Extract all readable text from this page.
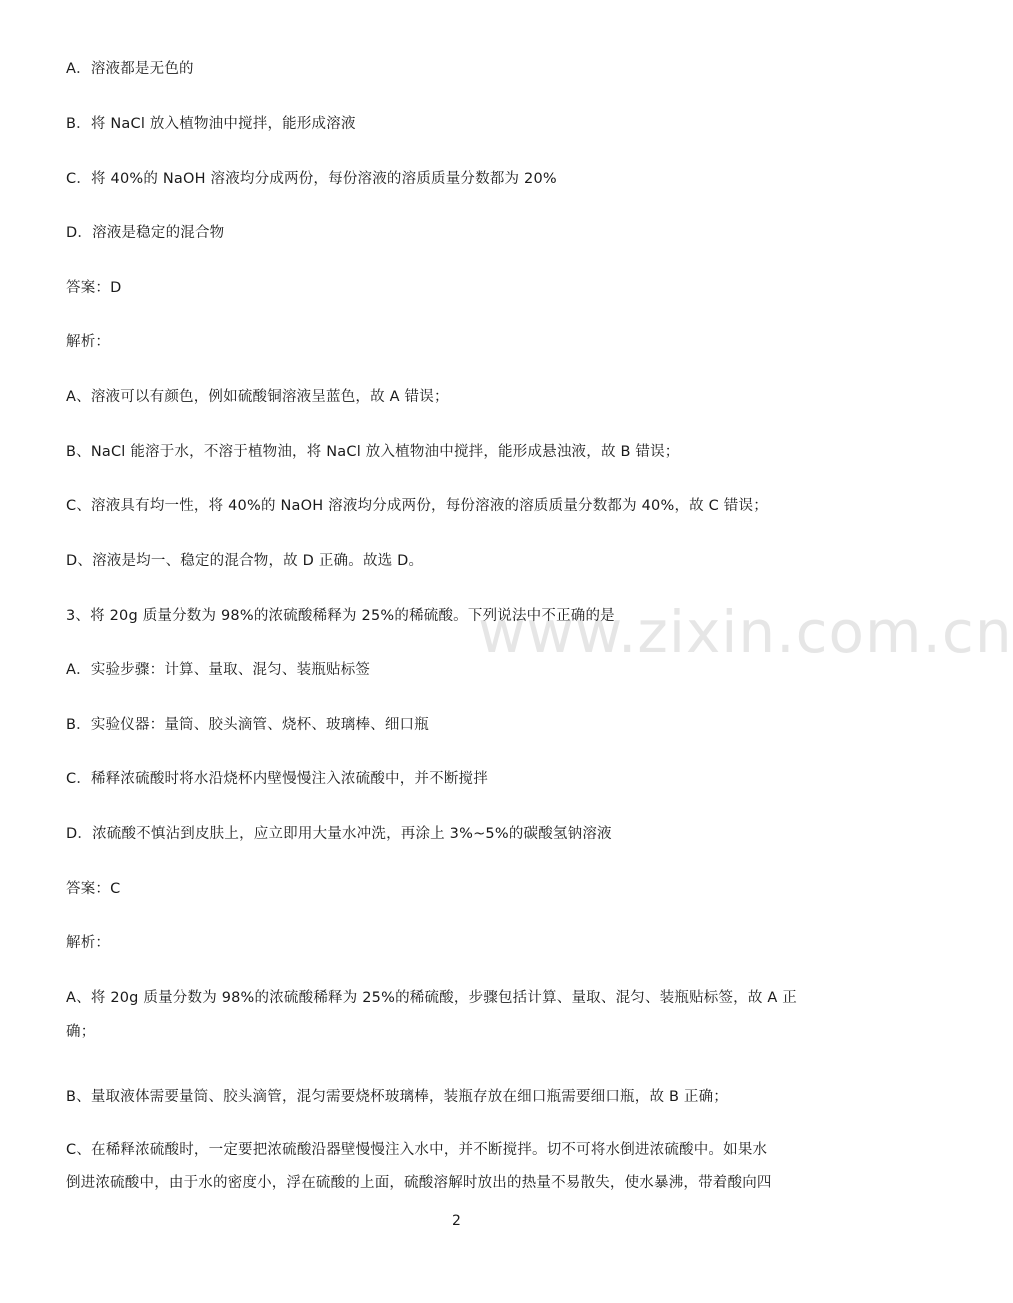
www.zixin.com.cn
A．溶液都是无色的
B．将 NaCl 放入植物油中搅拌，能形成溶液
C．将 40%的 NaOH 溶液均分成两份，每份溶液的溶质质量分数都为 20%
D．溶液是稳定的混合物
答案：D
解析：
A、溶液可以有颜色，例如硫酸铜溶液呈蓝色，故 A 错误；
B、NaCl 能溶于水，不溶于植物油，将 NaCl 放入植物油中搅拌，能形成悬浊液，故 B 错误；
C、溶液具有均一性，将 40%的 NaOH 溶液均分成两份，每份溶液的溶质质量分数都为 40%，故 C 错误；
D、溶液是均一、稳定的混合物，故 D 正确。故选 D。
3、将 20g 质量分数为 98%的浓硫酸稀释为 25%的稀硫酸。下列说法中不正确的是
A．实验步骤：计算、量取、混匀、装瓶贴标签
B．实验仪器：量筒、胶头滴管、烧杯、玻璃棒、细口瓶
C．稀释浓硫酸时将水沿烧杯内壁慢慢注入浓硫酸中，并不断搅拌
D．浓硫酸不慎沾到皮肤上，应立即用大量水冲洗，再涂上 3%~5%的碳酸氢钠溶液
答案：C
解析：
A、将 20g 质量分数为 98%的浓硫酸稀释为 25%的稀硫酸，步骤包括计算、量取、混匀、装瓶贴标签，故 A 正
确；
B、量取液体需要量筒、胶头滴管，混匀需要烧杯玻璃棒，装瓶存放在细口瓶需要细口瓶，故 B 正确；
C、在稀释浓硫酸时，一定要把浓硫酸沿器壁慢慢注入水中，并不断搅拌。切不可将水倒进浓硫酸中。如果水
倒进浓硫酸中，由于水的密度小，浮在硫酸的上面，硫酸溶解时放出的热量不易散失，使水暴沸，带着酸向四
2
